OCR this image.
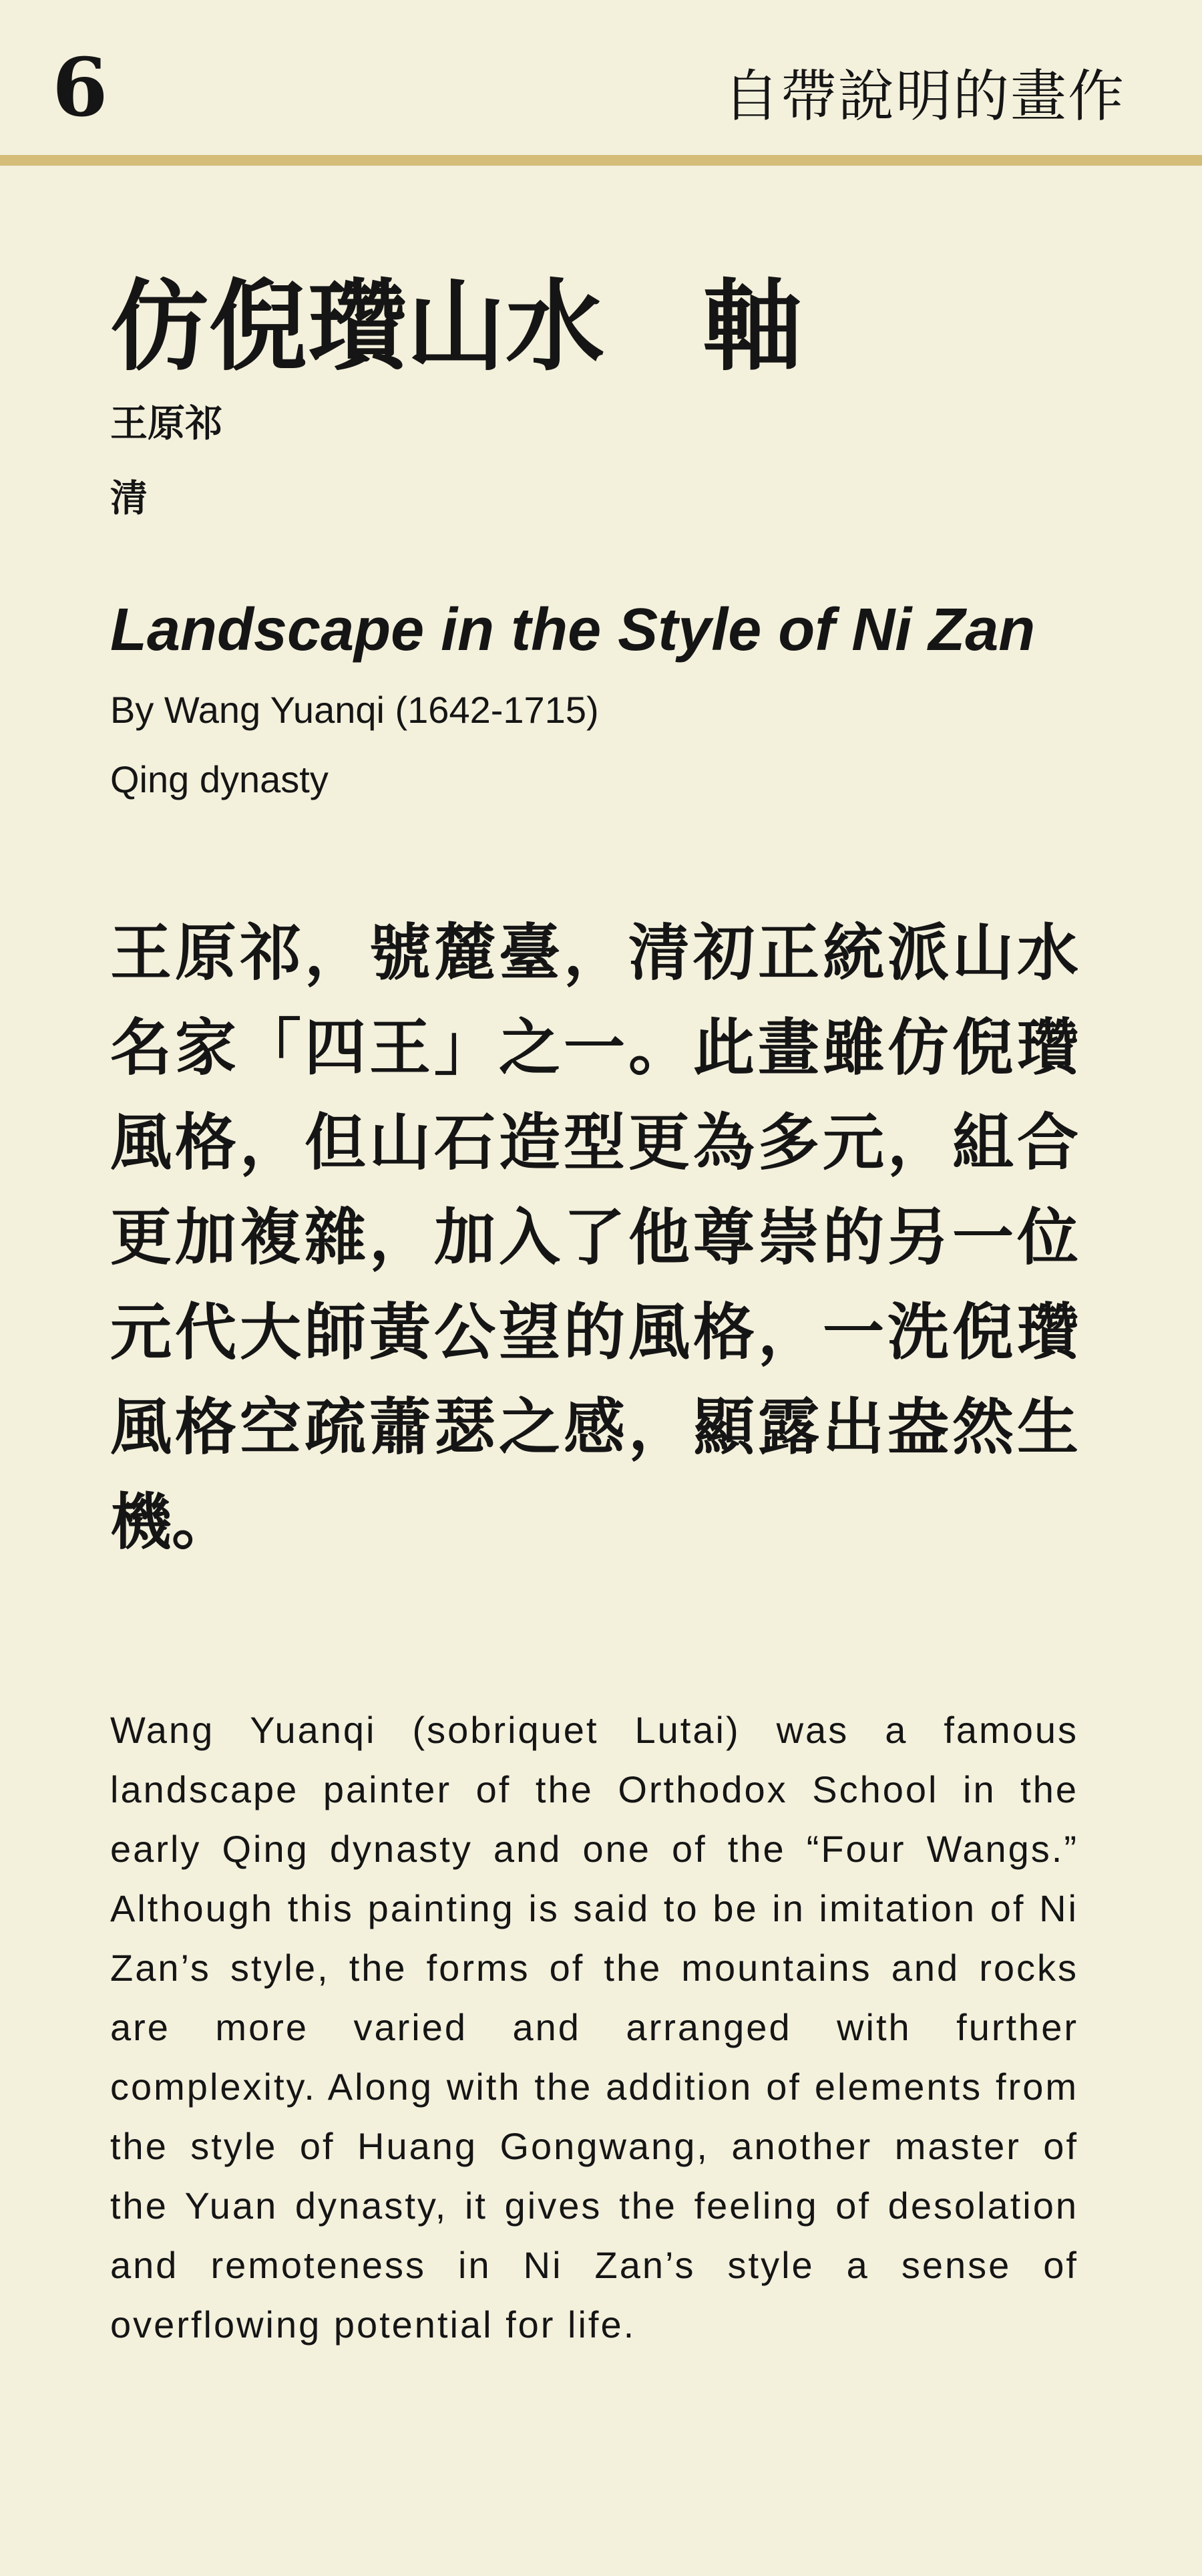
6	自帶說明的畫作
仿倪瓚山水　軸

王原祁

清

Landscape in the Style of Ni Zan

By Wang Yuanqi (1642-1715)

Qing dynasty

王原祁，號麓臺，清初正統派山水名家「四王」之一。此畫雖仿倪瓚風格，但山石造型更為多元，組合更加複雜，加入了他尊崇的另一位元代大師黃公望的風格，一洗倪瓚風格空疏蕭瑟之感，顯露出盎然生機。

Wang Yuanqi (sobriquet Lutai) was a famous landscape painter of the Orthodox School in the early Qing dynasty and one of the “Four Wangs.” Although this painting is said to be in imitation of Ni Zan’s style, the forms of the mountains and rocks are more varied and arranged with further complexity. Along with the addition of elements from the style of Huang Gongwang, another master of the Yuan dynasty, it gives the feeling of desolation and remoteness in Ni Zan’s style a sense of overflowing potential for life.
